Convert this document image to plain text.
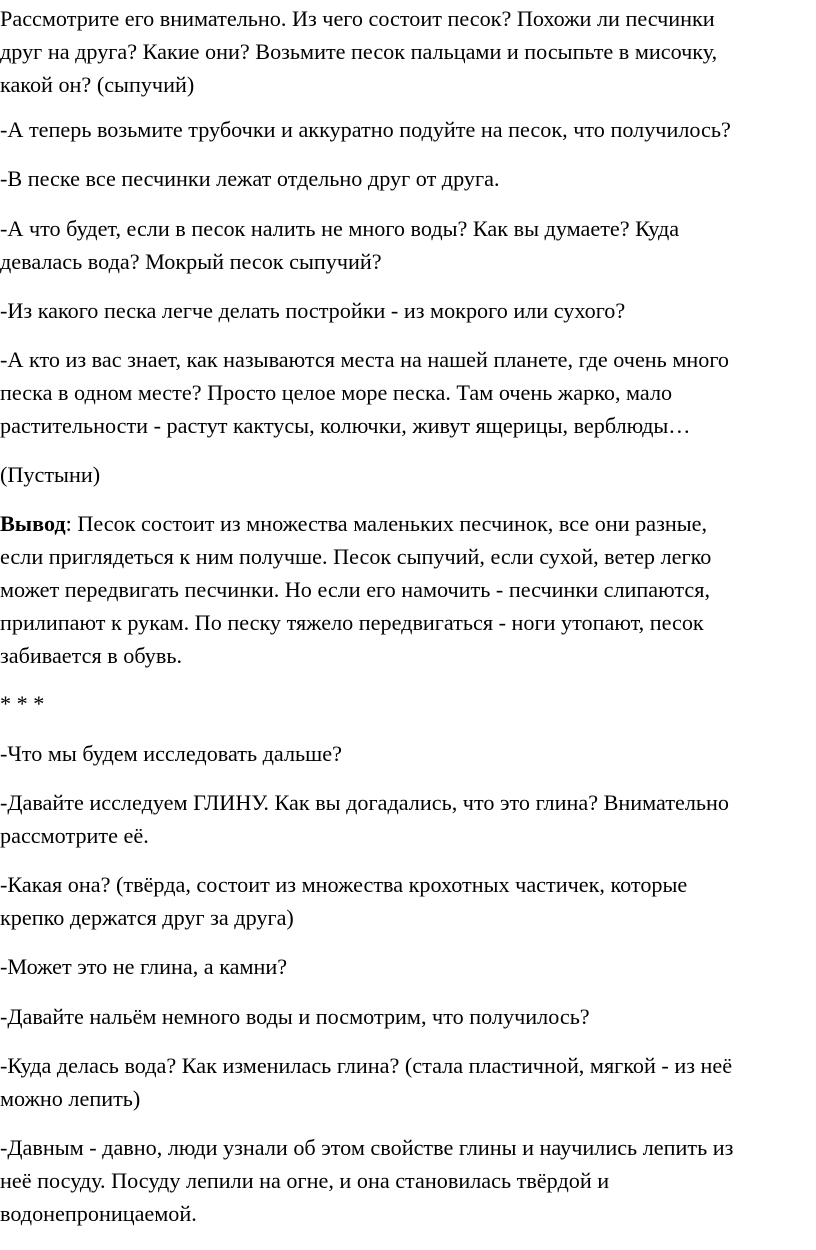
Рассмотрите его внимательно. Из чего состоит песок? Похожи ли песчинки
друг на друга? Какие они? Возьмите песок пальцами и посыпьте в мисочку,
какой он? (сыпучий)

-А теперь возьмите трубочки и аккуратно подуйте на песок, что получилось?

-В песке все песчинки лежат отдельно друг от друга.

-А что будет, если в песок налить не много воды? Как вы думаете? Куда
девалась вода? Мокрый песок сыпучий?

-Из какого песка легче делать постройки - из мокрого или сухого?

-А кто из вас знает, как называются места на нашей планете, где очень много
песка в одном месте? Просто целое море песка. Там очень жарко, мало
растительности - растут кактусы, колючки, живут ящерицы, верблюды…

(Пустыни)

Вывод: Песок состоит из множества маленьких песчинок, все они разные,
если приглядеться к ним получше. Песок сыпучий, если сухой, ветер легко
может передвигать песчинки. Но если его намочить - песчинки слипаются,
прилипают к рукам. По песку тяжело передвигаться - ноги утопают, песок
забивается в обувь.

* * *

-Что мы будем исследовать дальше?

-Давайте исследуем ГЛИНУ. Как вы догадались, что это глина? Внимательно
рассмотрите её.

-Какая она? (твёрда, состоит из множества крохотных частичек, которые
крепко держатся друг за друга)

-Может это не глина, а камни?

-Давайте нальём немного воды и посмотрим, что получилось?

-Куда делась вода? Как изменилась глина? (стала пластичной, мягкой - из неё
можно лепить)

-Давным - давно, люди узнали об этом свойстве глины и научились лепить из
неё посуду. Посуду лепили на огне, и она становилась твёрдой и
водонепроницаемой.
